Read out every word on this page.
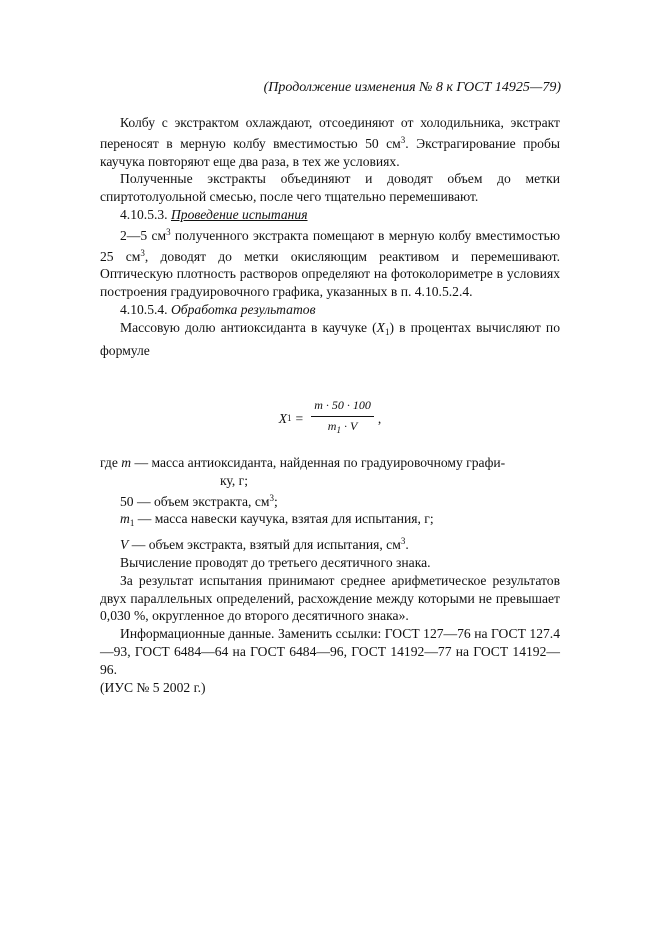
(Продолжение изменения № 8 к ГОСТ 14925—79)

Колбу с экстрактом охлаждают, отсоединяют от холодильника, экстракт переносят в мерную колбу вместимостью 50 $см^3$. Экстрагирование пробы каучука повторяют еще два раза, в тех же условиях.

Полученные экстракты объединяют и доводят объем до метки спиртотолуольной смесью, после чего тщательно перемешивают.

4.10.5.3. Проведение испытания

2—5 $см^3$ полученного экстракта помещают в мерную колбу вместимостью 25 $см^3$, доводят до метки окисляющим реактивом и перемешивают. Оптическую плотность растворов определяют на фотоколориметре в условиях построения градуировочного графика, указанных в п. 4.10.5.2.4.

4.10.5.4. Обработка результатов

Массовую долю антиоксиданта в каучуке $(X_1)$ в процентах вычисляют по формуле

X $1 = \frac{m \cdot 50 \cdot 100}{m_1 \cdot V}$ ,

где m — масса антиоксиданта, найденная по градуировочному графи-

ку, г;

50 — объем экстракта, $см^3$;

$m_1$ — масса навески каучука, взятая для испытания, г;

V — объем экстракта, взятый для испытания, $см^3$.

Вычисление проводят до третьего десятичного знака.

За результат испытания принимают среднее арифметическое результатов двух параллельных определений, расхождение между которыми не превышает 0,030 %, округленное до второго десятичного знака».

Информационные данные. Заменить ссылки: ГОСТ 127—76 на ГОСТ 127.4—93, ГОСТ 6484—64 на ГОСТ 6484—96, ГОСТ 14192—77 на ГОСТ 14192—96.

(ИУС № 5 2002 г.)
